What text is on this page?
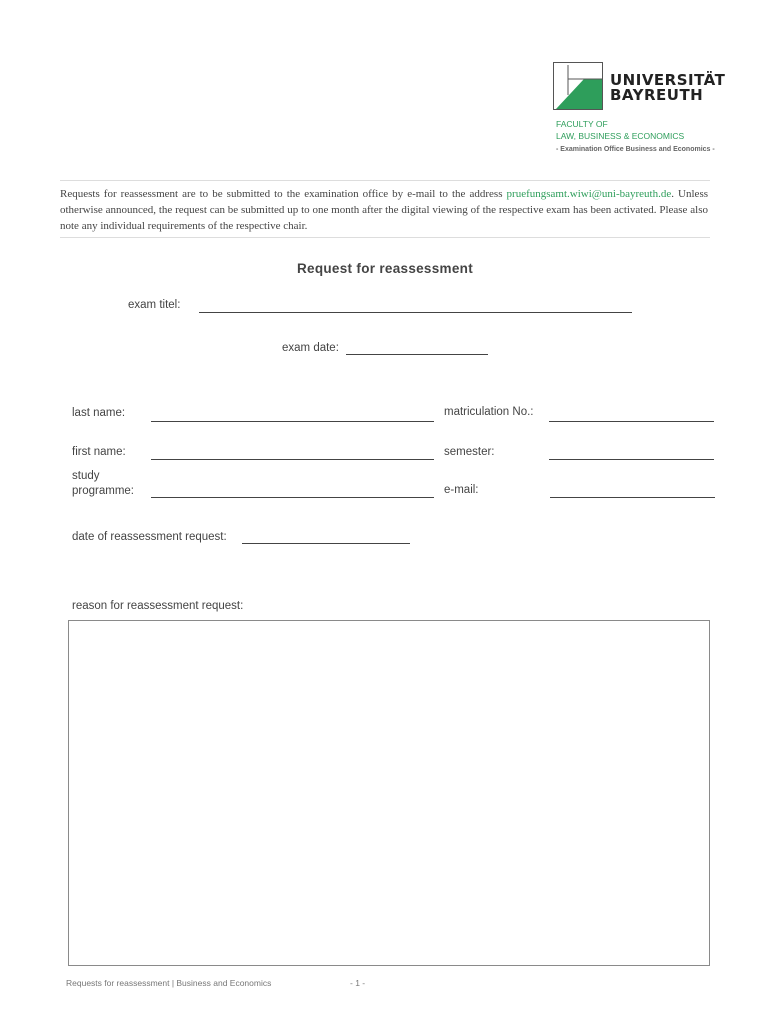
UNIVERSITÄT
BAYREUTH
FACULTY OF
LAW, BUSINESS & ECONOMICS
- Examination Office Business and Economics -
Requests for reassessment are to be submitted to the examination office by e-mail to the address pruefungsamt.wiwi@uni-bayreuth.de. Unless otherwise announced, the request can be submitted up to one month after the digital viewing of the respective exam has been activated. Please also note any individual requirements of the respective chair.
Request for reassessment
exam titel:
exam date:
last name:	matriculation No.:
first name:	semester:
study
programme:	e-mail:
date of reassessment request:
reason for reassessment request:
Requests for reassessment | Business and Economics	- 1 -
